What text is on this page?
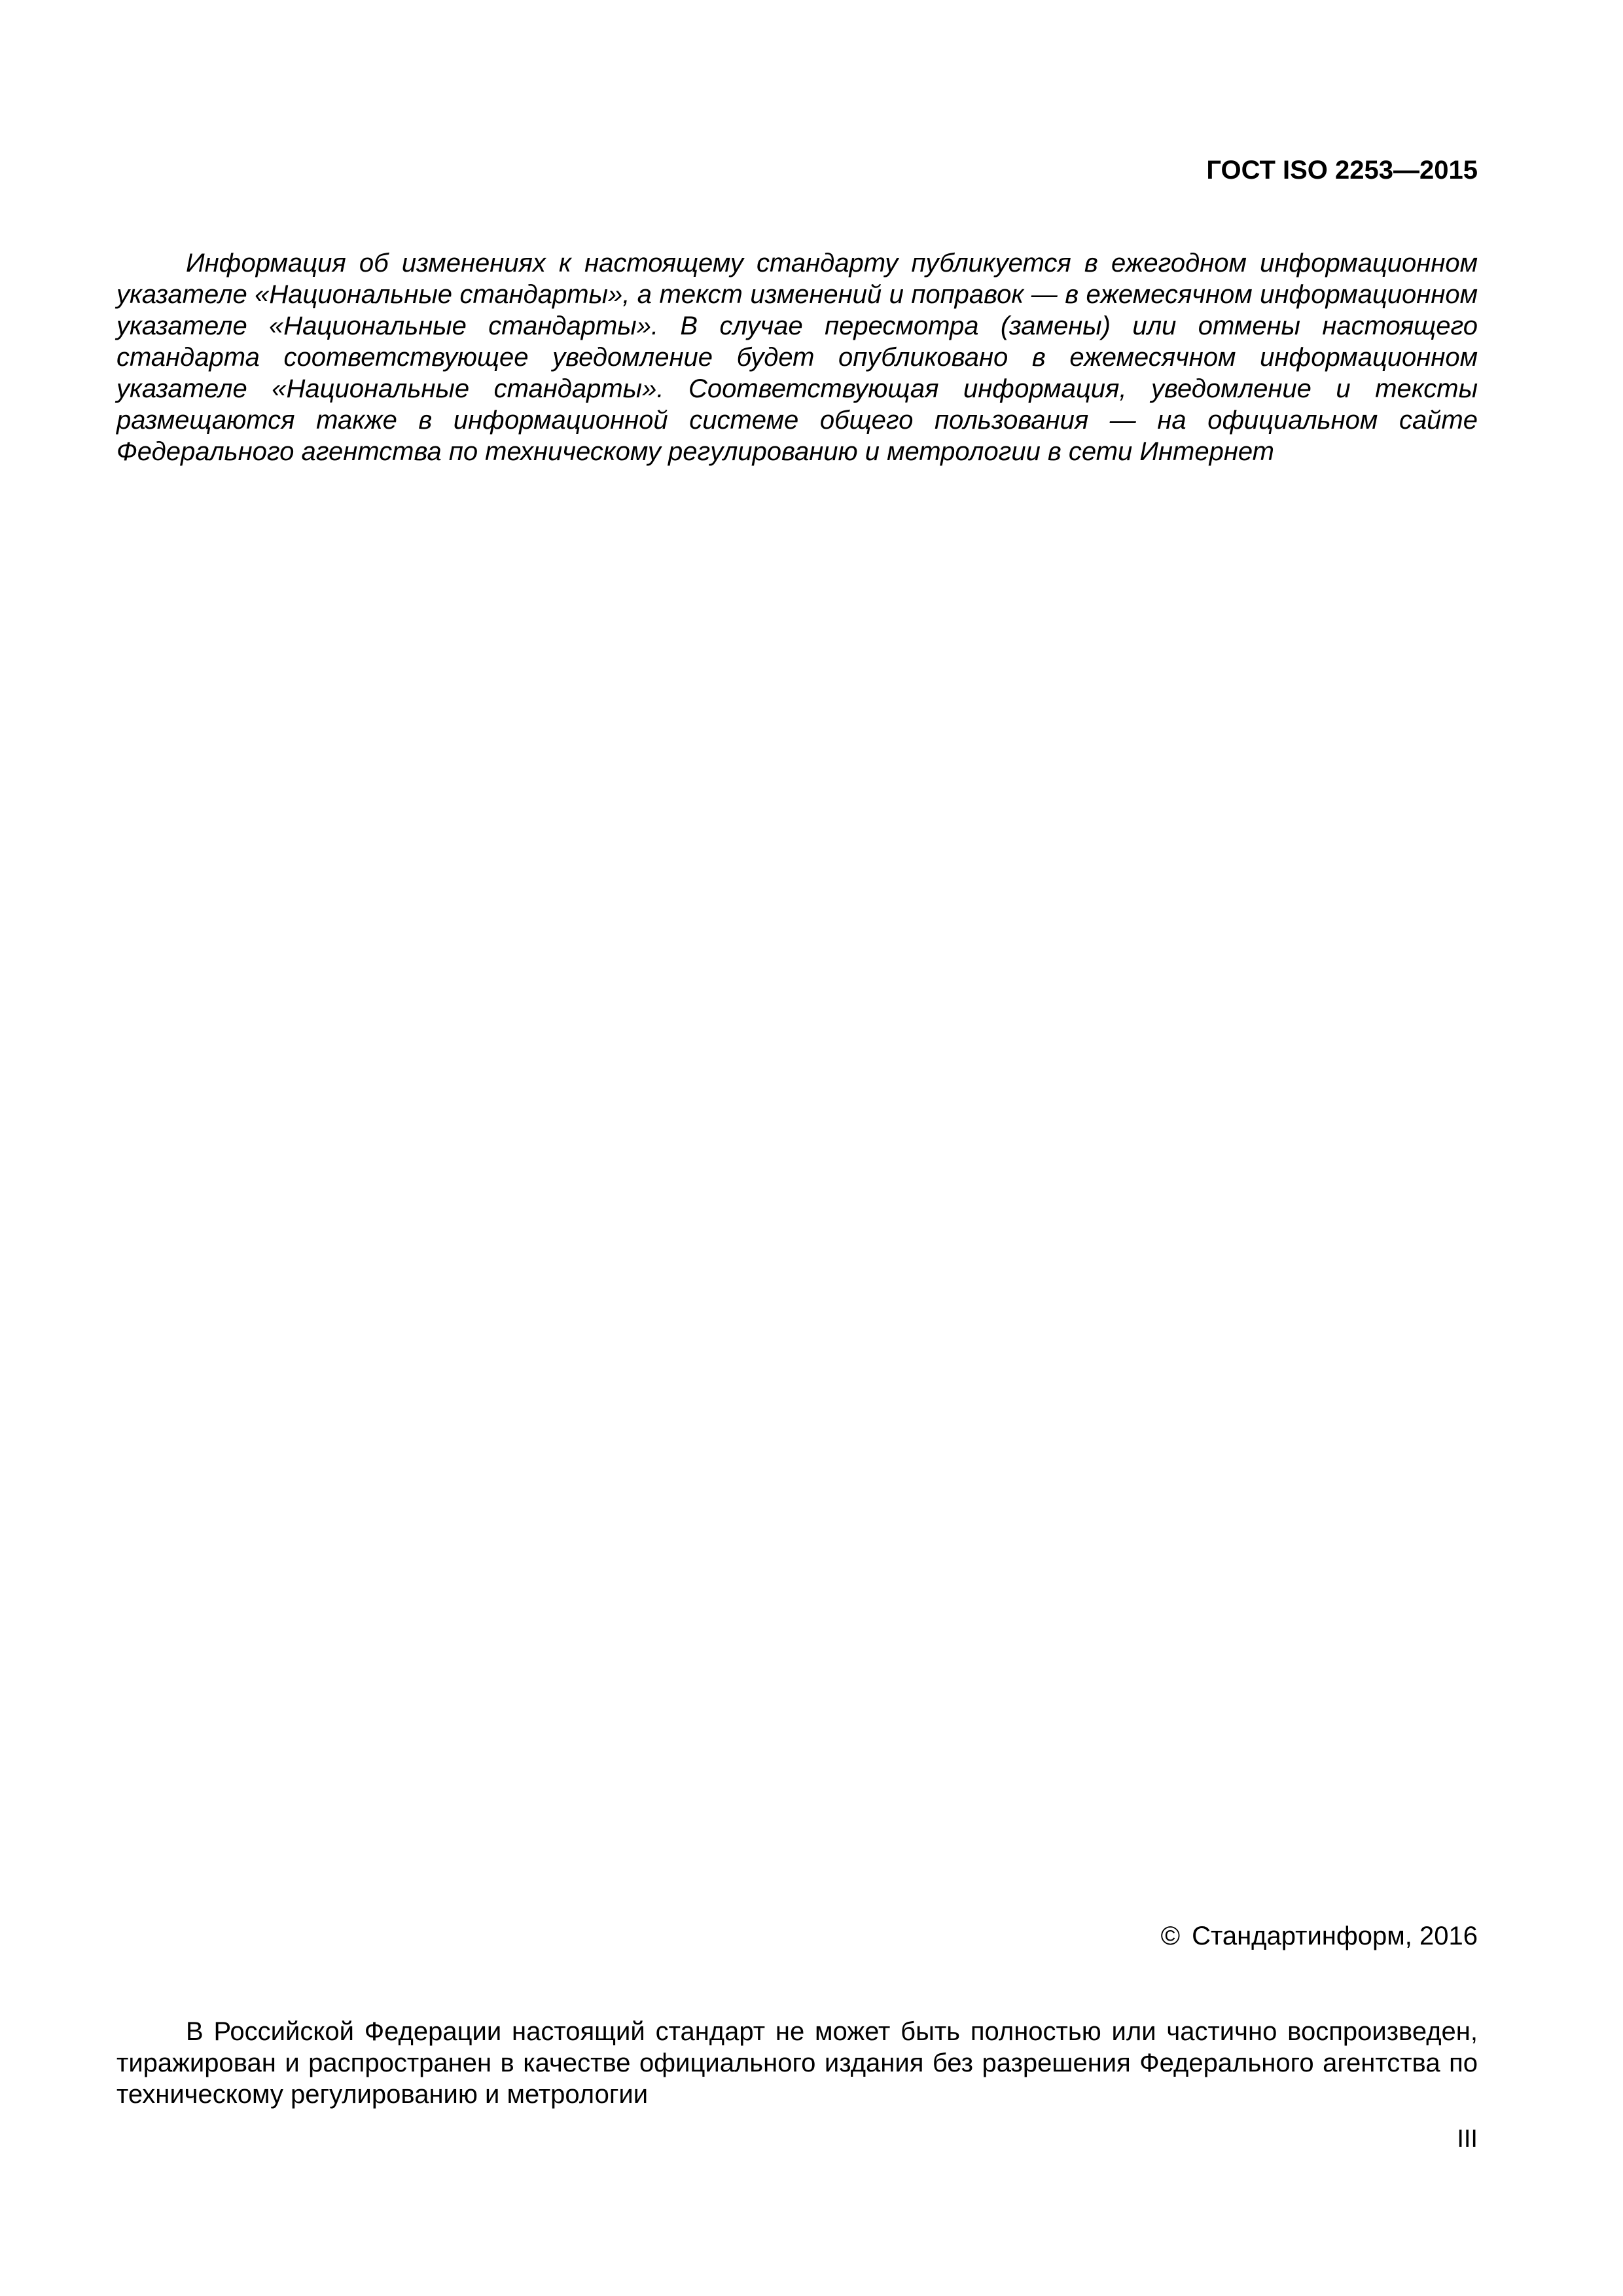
ГОСТ ISO 2253—2015

Информация об изменениях к настоящему стандарту публикуется в ежегодном информационном указателе «Национальные стандарты», а текст изменений и поправок — в ежемесячном информационном указателе «Национальные стандарты». В случае пересмотра (замены) или отмены настоящего стандарта соответствующее уведомление будет опубликовано в ежемесячном информационном указателе «Национальные стандарты». Соответствующая информация, уведомление и тексты размещаются также в информационной системе общего пользования — на официальном сайте Федерального агентства по техническому регулированию и метрологии в сети Интернет

© Стандартинформ, 2016

В Российской Федерации настоящий стандарт не может быть полностью или частично воспроизведен, тиражирован и распространен в качестве официального издания без разрешения Федерального агентства по техническому регулированию и метрологии

III
